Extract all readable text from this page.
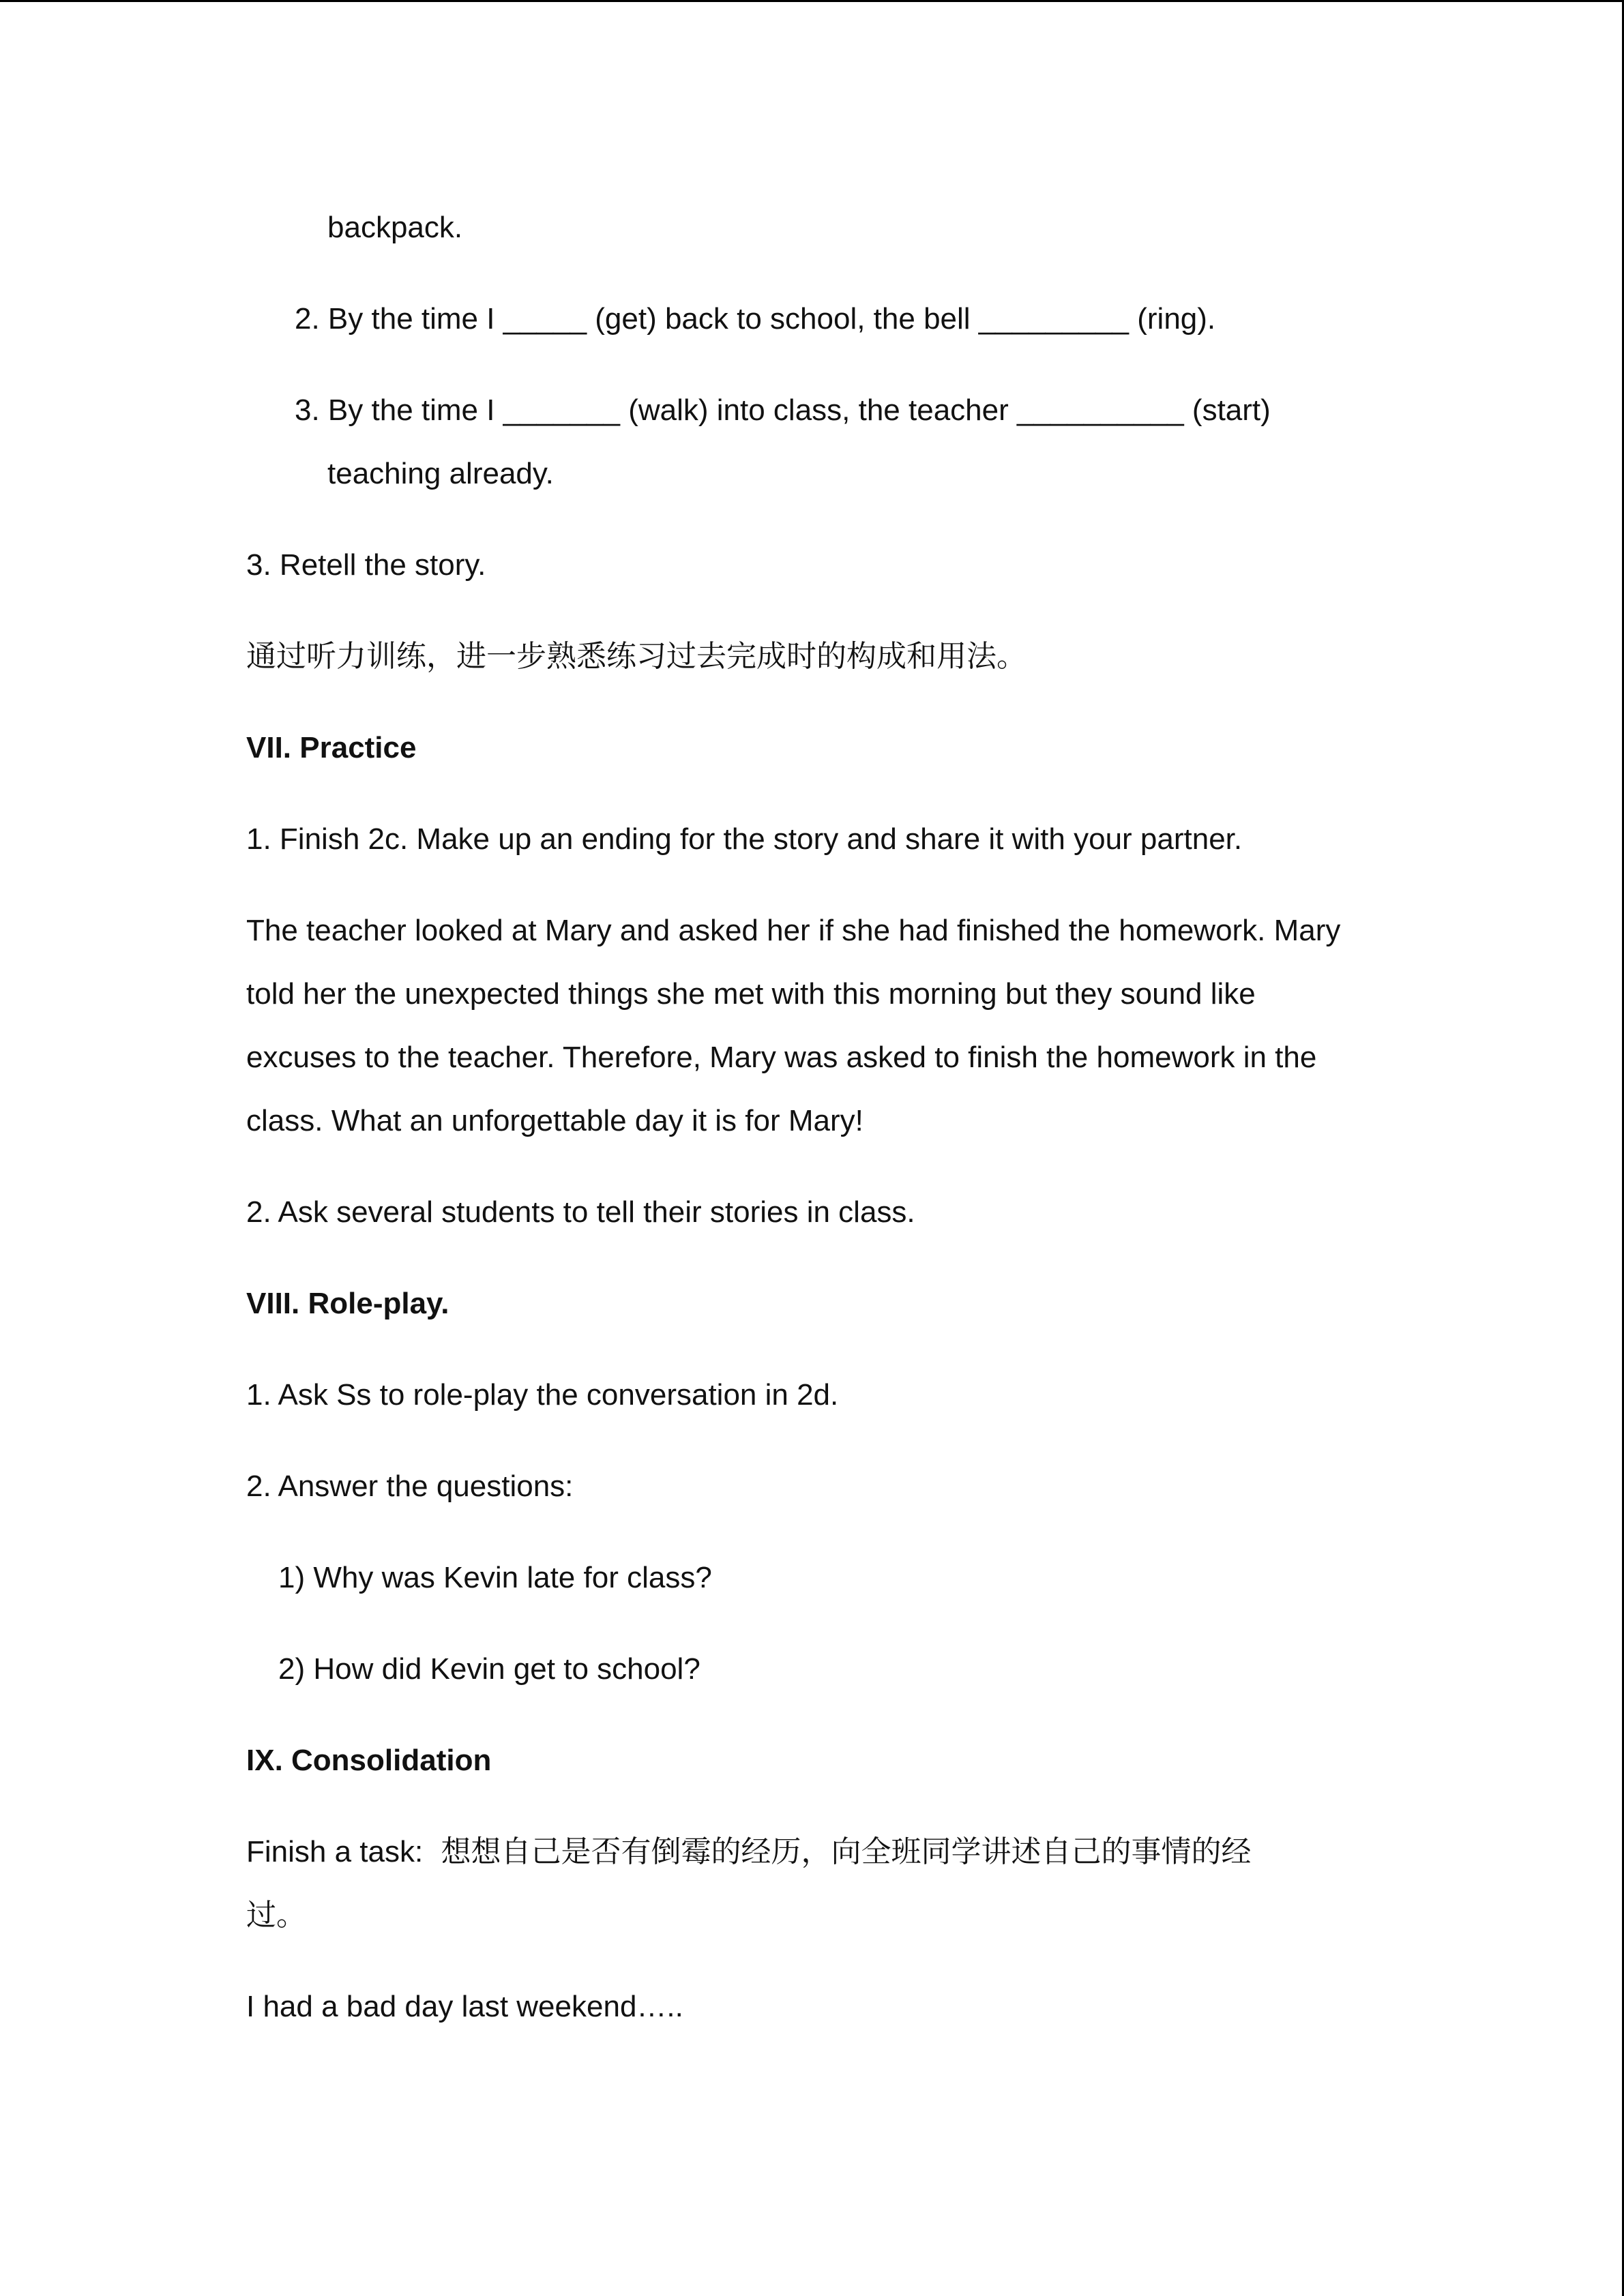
backpack.
2. By the time I _____ (get) back to school, the bell _________ (ring).
3. By the time I _______ (walk) into class, the teacher __________ (start)
teaching already.
3. Retell the story.
通过听力训练，进一步熟悉练习过去完成时的构成和用法。
VII. Practice
1. Finish 2c. Make up an ending for the story and share it with your partner.
The teacher looked at Mary and asked her if she had finished the homework. Mary
told her the unexpected things she met with this morning but they sound like
excuses to the teacher. Therefore, Mary was asked to finish the homework in the
class. What an unforgettable day it is for Mary!
2. Ask several students to tell their stories in class.
VIII. Role-play.
1. Ask Ss to role-play the conversation in 2d.
2. Answer the questions:
1) Why was Kevin late for class?
2) How did Kevin get to school?
IX. Consolidation
Finish a task: 想想自己是否有倒霉的经历，向全班同学讲述自己的事情的经
过。
I had a bad day last weekend…..
